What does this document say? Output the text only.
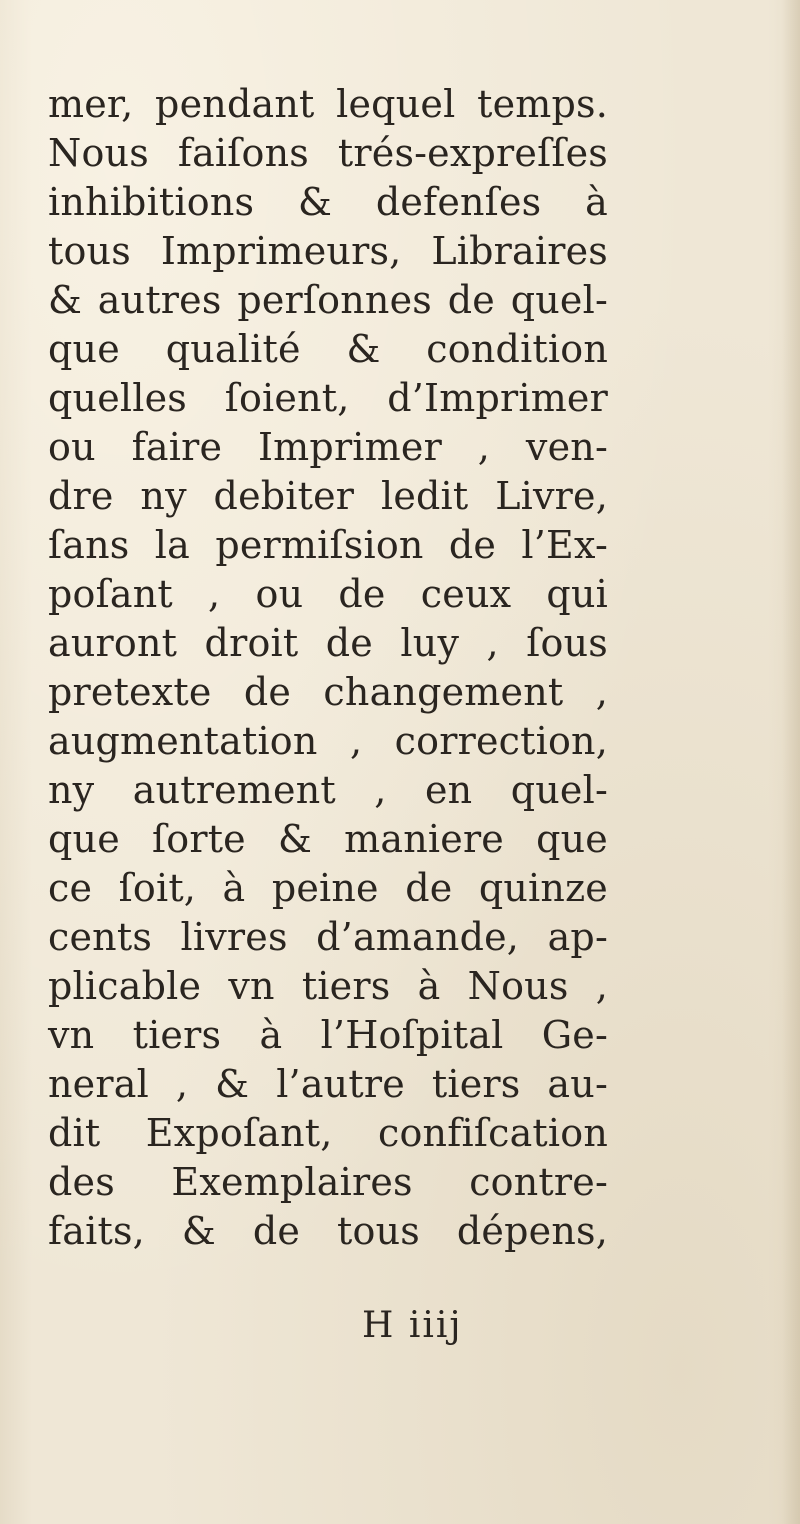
mer, pendant lequel temps.
Nous faiſons trés-expreſſes
inhibitions & defenſes à
tous Imprimeurs, Libraires
& autres perſonnes de quel-
que qualité & condition
quelles ſoient, d’Imprimer
ou faire Imprimer , ven-
dre ny debiter ledit Livre,
ſans la permiſsion de l’Ex-
poſant , ou de ceux qui
auront droit de luy , ſous
pretexte de changement ,
augmentation , correction,
ny autrement , en quel-
que ſorte & maniere que
ce ſoit, à peine de quinze
cents livres d’amande, ap-
plicable vn tiers à Nous ,
vn tiers à l’Hoſpital Ge-
neral , & l’autre tiers au-
dit Expoſant, confiſcation
des Exemplaires contre-
faits, & de tous dépens,
H iiij
